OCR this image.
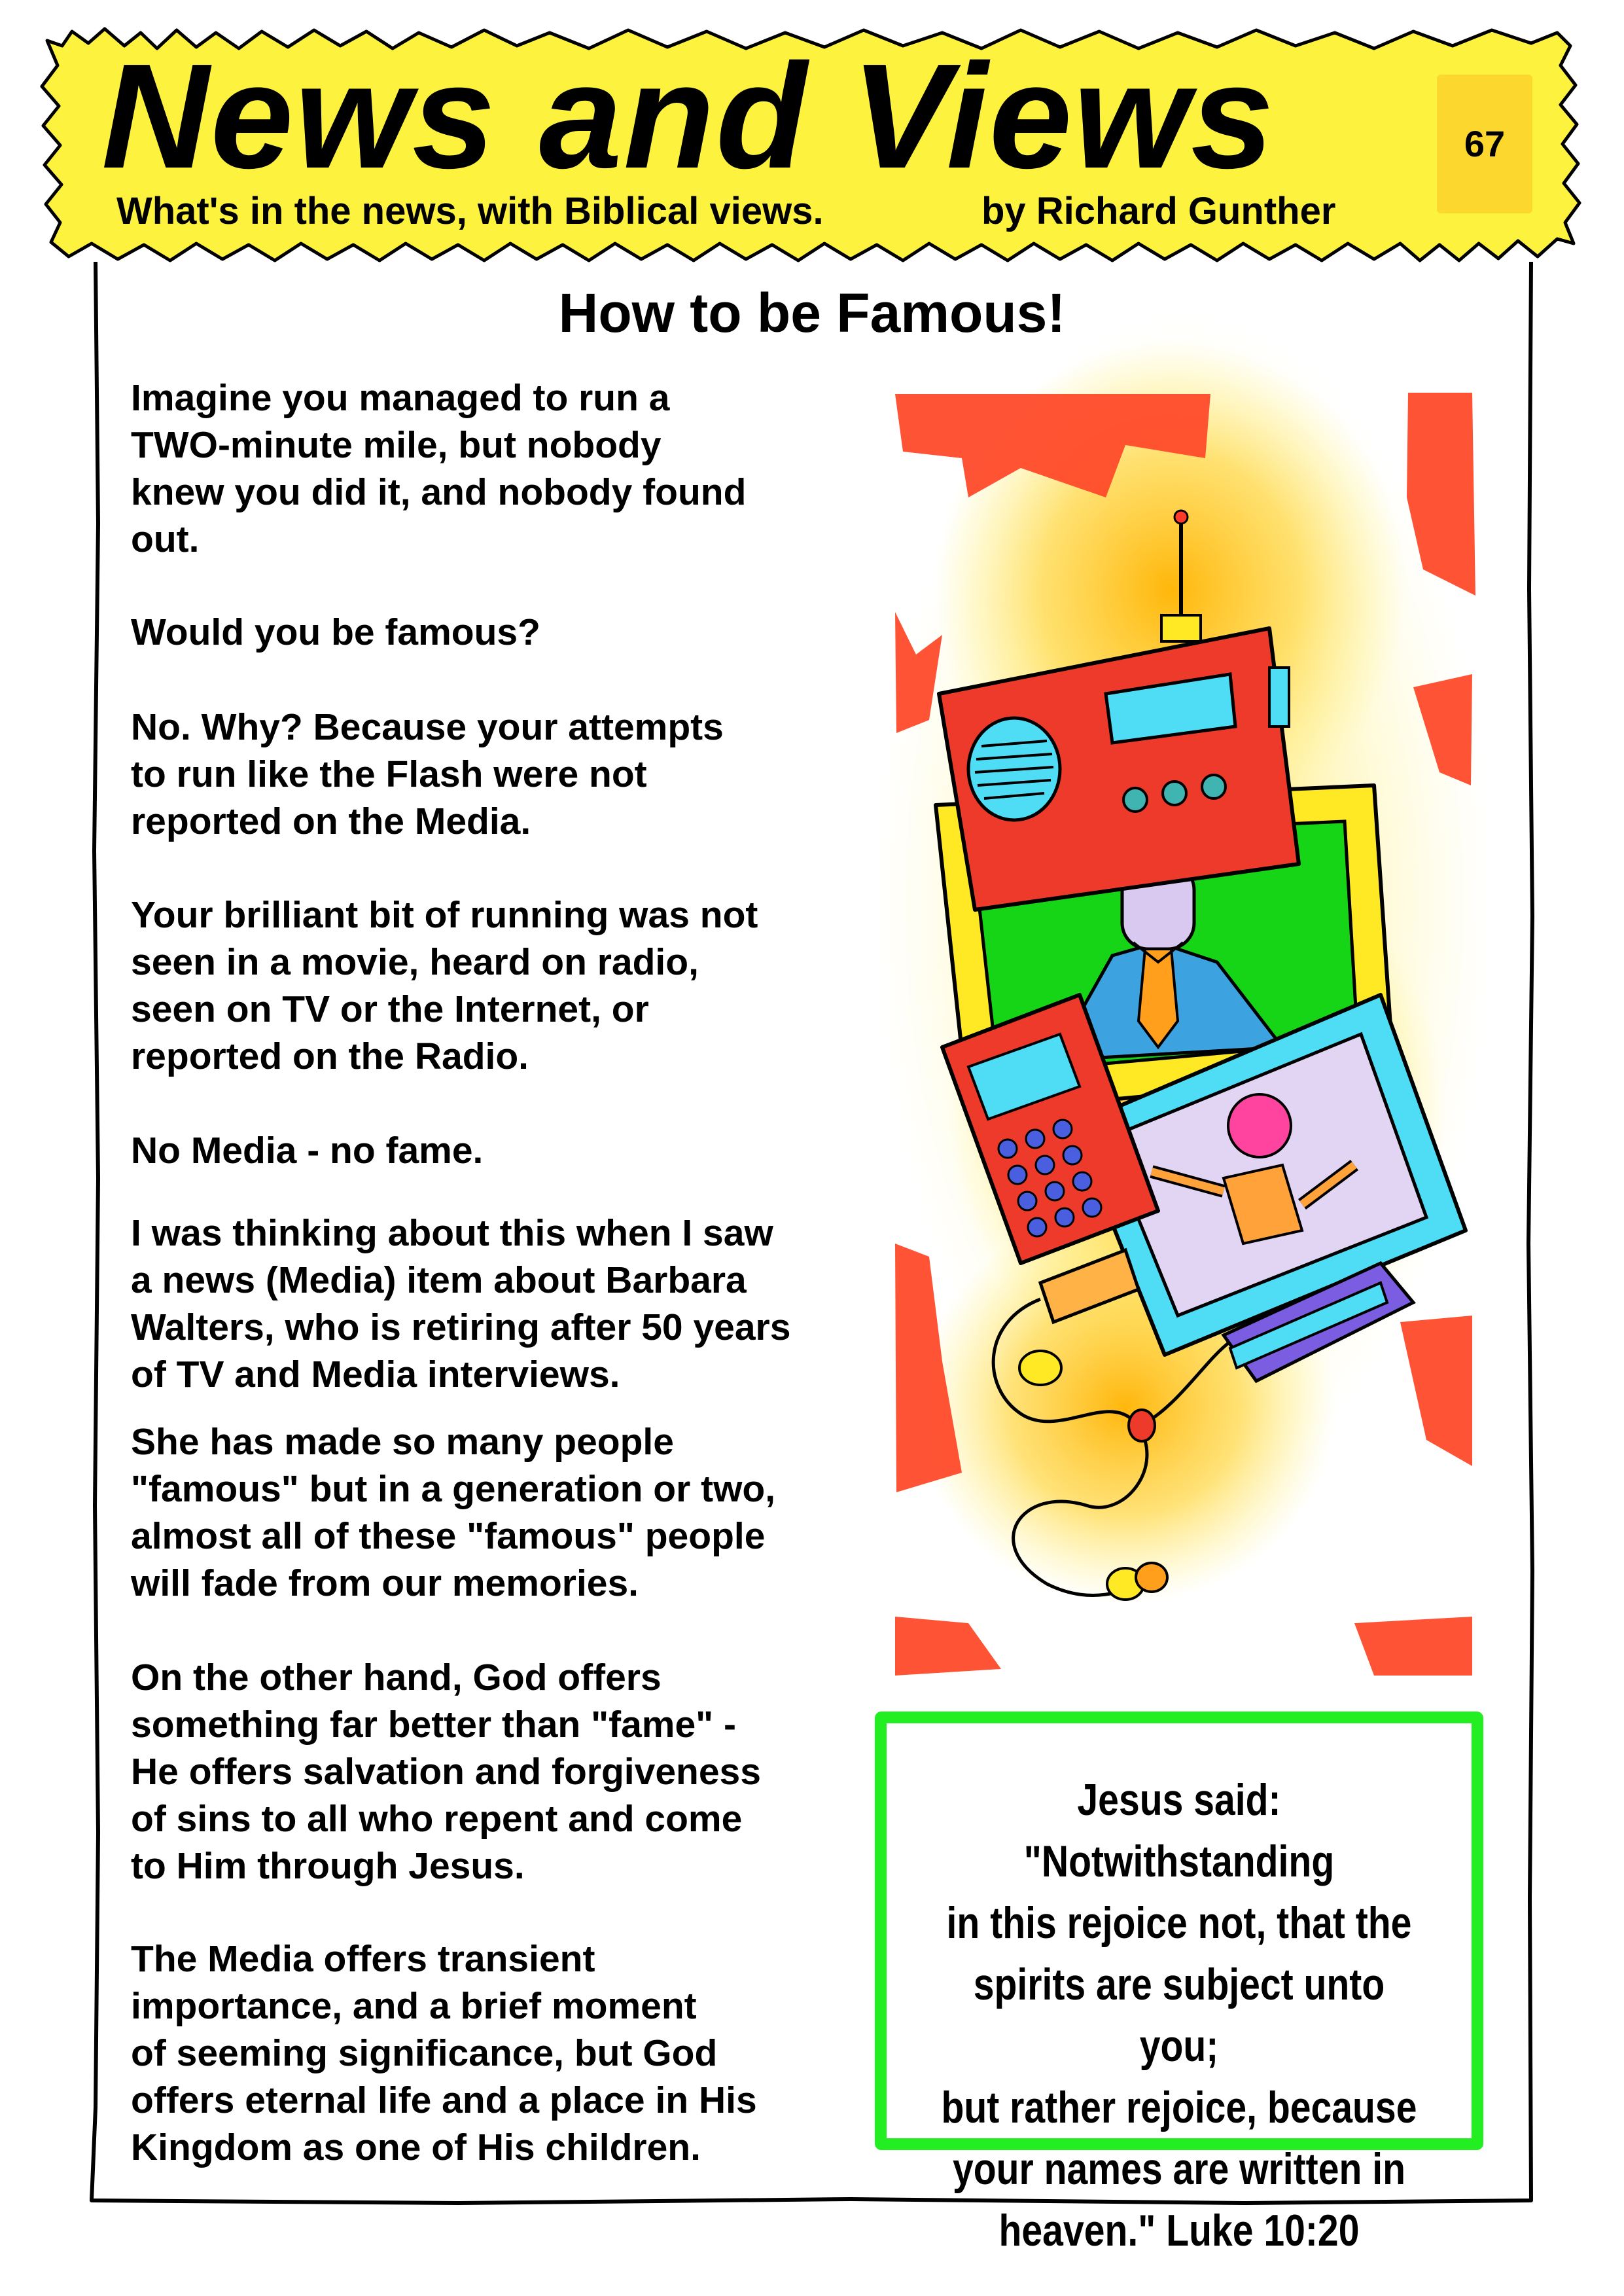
News and Views	67
What's in the news, with Biblical views.	by Richard Gunther
How to be Famous!

Imagine you managed to run a
TWO-minute mile, but nobody
knew you did it, and nobody found
out.

Would you be famous?

No. Why? Because your attempts
to run like the Flash were not
reported on the Media.

Your brilliant bit of running was not
seen in a movie, heard on radio,
seen on TV or the Internet, or
reported on the Radio.

No Media - no fame.

I was thinking about this when I saw
a news (Media) item about Barbara
Walters, who is retiring after 50 years
of TV and Media interviews.

She has made so many people
"famous" but in a generation or two,
almost all of these "famous" people
will fade from our memories.

On the other hand, God offers
something far better than "fame" -
He offers salvation and forgiveness
of sins to all who repent and come
to Him through Jesus.

The Media offers transient
importance, and a brief moment
of seeming significance, but God
offers eternal life and a place in His
Kingdom as one of His children.

Jesus said: "Notwithstanding
in this rejoice not, that the
spirits are subject unto you;
but rather rejoice, because
your names are written in
heaven." Luke 10:20
